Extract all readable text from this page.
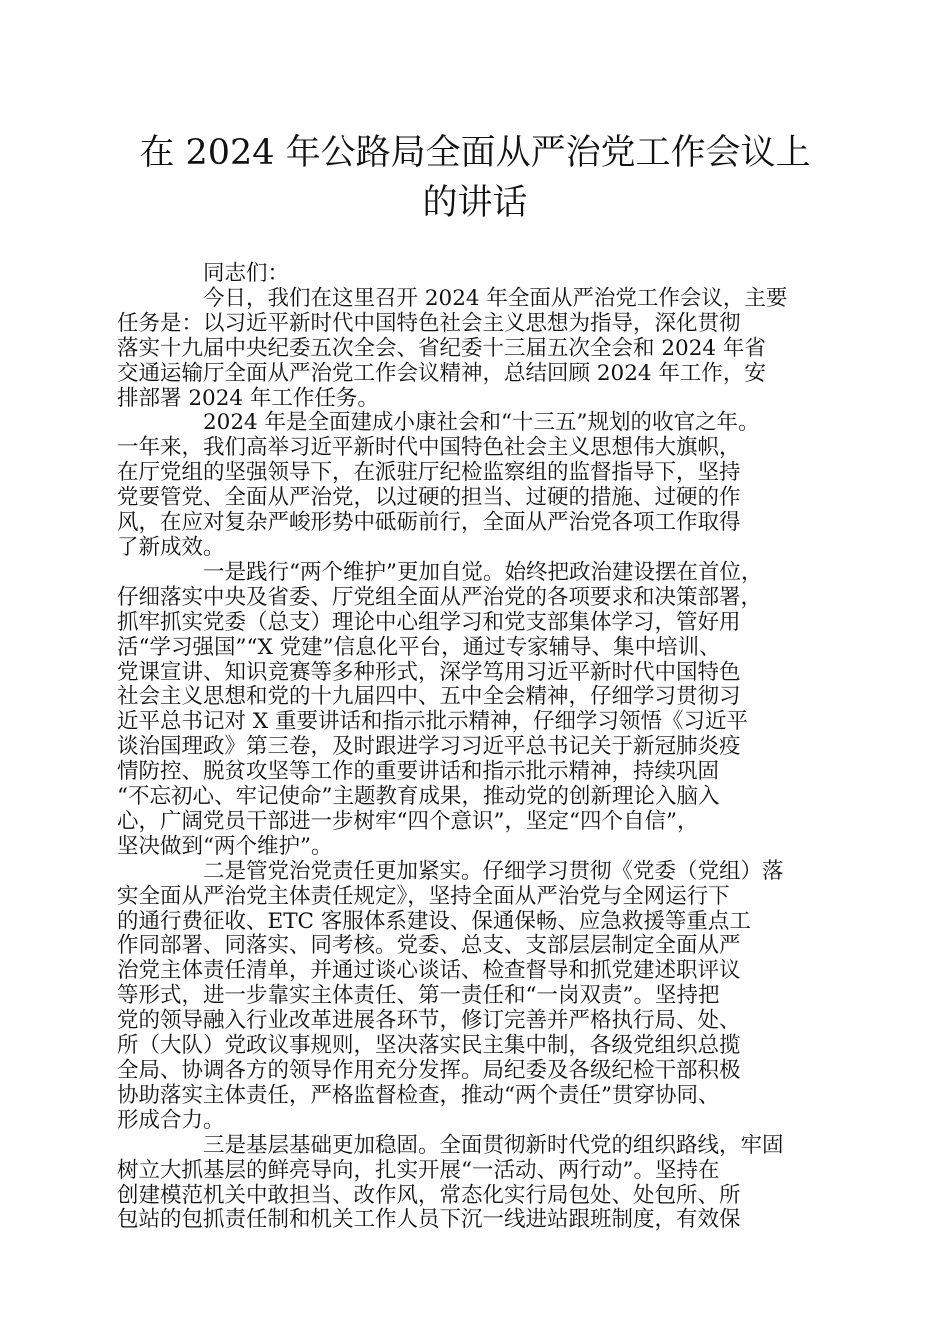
在 2024 年公路局全面从严治党工作会议上
的讲话

同志们：

今日，我们在这里召开 2024 年全面从严治党工作会议，主要
任务是：以习近平新时代中国特色社会主义思想为指导，深化贯彻
落实十九届中央纪委五次全会、省纪委十三届五次全会和 2024 年省
交通运输厅全面从严治党工作会议精神，总结回顾 2024 年工作，安
排部署 2024 年工作任务。

2024 年是全面建成小康社会和“十三五”规划的收官之年。
一年来，我们高举习近平新时代中国特色社会主义思想伟大旗帜，
在厅党组的坚强领导下，在派驻厅纪检监察组的监督指导下，坚持
党要管党、全面从严治党，以过硬的担当、过硬的措施、过硬的作
风，在应对复杂严峻形势中砥砺前行，全面从严治党各项工作取得
了新成效。

一是践行“两个维护”更加自觉。始终把政治建设摆在首位，
仔细落实中央及省委、厅党组全面从严治党的各项要求和决策部署，
抓牢抓实党委（总支）理论中心组学习和党支部集体学习，管好用
活“学习强国”“X 党建”信息化平台，通过专家辅导、集中培训、
党课宣讲、知识竞赛等多种形式，深学笃用习近平新时代中国特色
社会主义思想和党的十九届四中、五中全会精神，仔细学习贯彻习
近平总书记对 X 重要讲话和指示批示精神，仔细学习领悟《习近平
谈治国理政》第三卷，及时跟进学习习近平总书记关于新冠肺炎疫
情防控、脱贫攻坚等工作的重要讲话和指示批示精神，持续巩固
“不忘初心、牢记使命”主题教育成果，推动党的创新理论入脑入
心，广阔党员干部进一步树牢“四个意识”，坚定“四个自信”，
坚决做到“两个维护”。

二是管党治党责任更加紧实。仔细学习贯彻《党委（党组）落
实全面从严治党主体责任规定》，坚持全面从严治党与全网运行下
的通行费征收、ETC 客服体系建设、保通保畅、应急救援等重点工
作同部署、同落实、同考核。党委、总支、支部层层制定全面从严
治党主体责任清单，并通过谈心谈话、检查督导和抓党建述职评议
等形式，进一步靠实主体责任、第一责任和“一岗双责”。坚持把
党的领导融入行业改革进展各环节，修订完善并严格执行局、处、
所（大队）党政议事规则，坚决落实民主集中制，各级党组织总揽
全局、协调各方的领导作用充分发挥。局纪委及各级纪检干部积极
协助落实主体责任，严格监督检查，推动“两个责任”贯穿协同、
形成合力。

三是基层基础更加稳固。全面贯彻新时代党的组织路线，牢固
树立大抓基层的鲜亮导向，扎实开展“一活动、两行动”。坚持在
创建模范机关中敢担当、改作风，常态化实行局包处、处包所、所
包站的包抓责任制和机关工作人员下沉一线进站跟班制度，有效保
